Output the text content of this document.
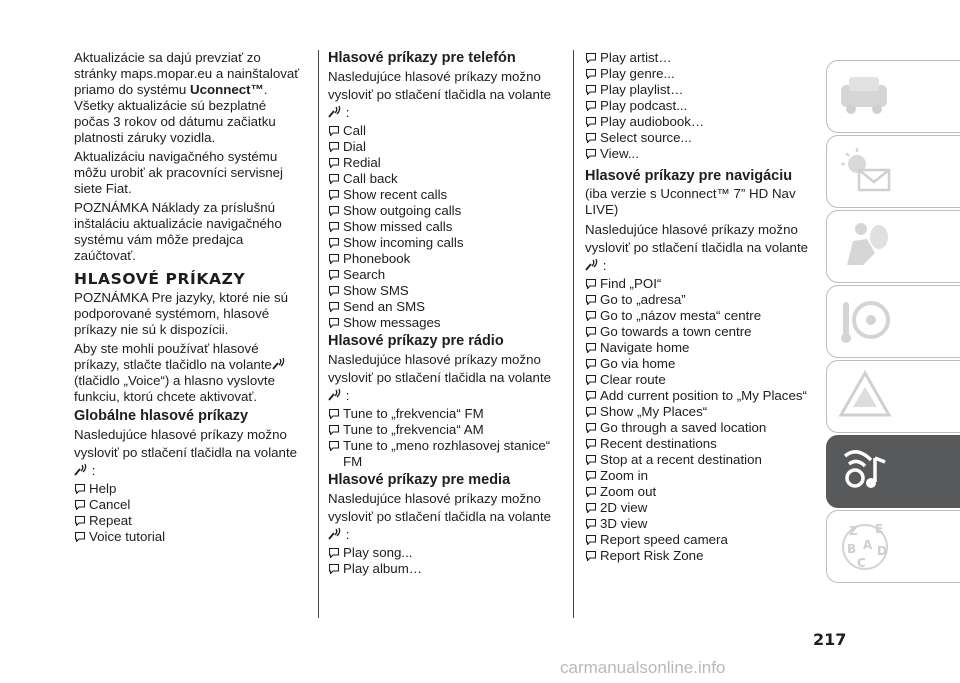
Aktualizácie sa dajú prevziať zo stránky maps.mopar.eu a nainštalovať priamo do systému Uconnect™. Všetky aktualizácie sú bezplatné počas 3 rokov od dátumu začiatku platnosti záruky vozidla.

Aktualizáciu navigačného systému môžu urobiť ak pracovníci servisnej siete Fiat.

POZNÁMKA Náklady za príslušnú inštaláciu aktualizácie navigačného systému vám môže predajca zaúčtovať.

HLASOVÉ PRÍKAZY

POZNÁMKA Pre jazyky, ktoré nie sú podporované systémom, hlasové príkazy nie sú k dispozícii.

Aby ste mohli používať hlasové príkazy, stlačte tlačidlo na volante (tlačidlo „Voice“) a hlasno vyslovte funkciu, ktorú chcete aktivovať.

Globálne hlasové príkazy

Nasledujúce hlasové príkazy možno vysloviť po stlačení tlačidla na volante
:

Help
Cancel
Repeat
Voice tutorial
Hlasové príkazy pre telefón

Nasledujúce hlasové príkazy možno vysloviť po stlačení tlačidla na volante
:

Call
Dial
Redial
Call back
Show recent calls
Show outgoing calls
Show missed calls
Show incoming calls
Phonebook
Search
Show SMS
Send an SMS
Show messages
Hlasové príkazy pre rádio

Nasledujúce hlasové príkazy možno vysloviť po stlačení tlačidla na volante
:

Tune to „frekvencia“ FM
Tune to „frekvencia“ AM
Tune to „meno rozhlasovej stanice“ FM
Hlasové príkazy pre media

Nasledujúce hlasové príkazy možno vysloviť po stlačení tlačidla na volante
:

Play song...
Play album…
Play artist…
Play genre...
Play playlist…
Play podcast...
Play audiobook…
Select source...
View...
Hlasové príkazy pre navigáciu

(iba verzie s Uconnect™ 7” HD Nav LIVE)

Nasledujúce hlasové príkazy možno vysloviť po stlačení tlačidla na volante
:

Find „POI“
Go to „adresa”
Go to „názov mesta“ centre
Go towards a town centre
Navigate home
Go via home
Clear route
Add current position to „My Places“
Show „My Places“
Go through a saved location
Recent destinations
Stop at a recent destination
Zoom in
Zoom out
2D view
3D view
Report speed camera
Report Risk Zone
Z E
B A D
C
217
carmanualsonline.info
